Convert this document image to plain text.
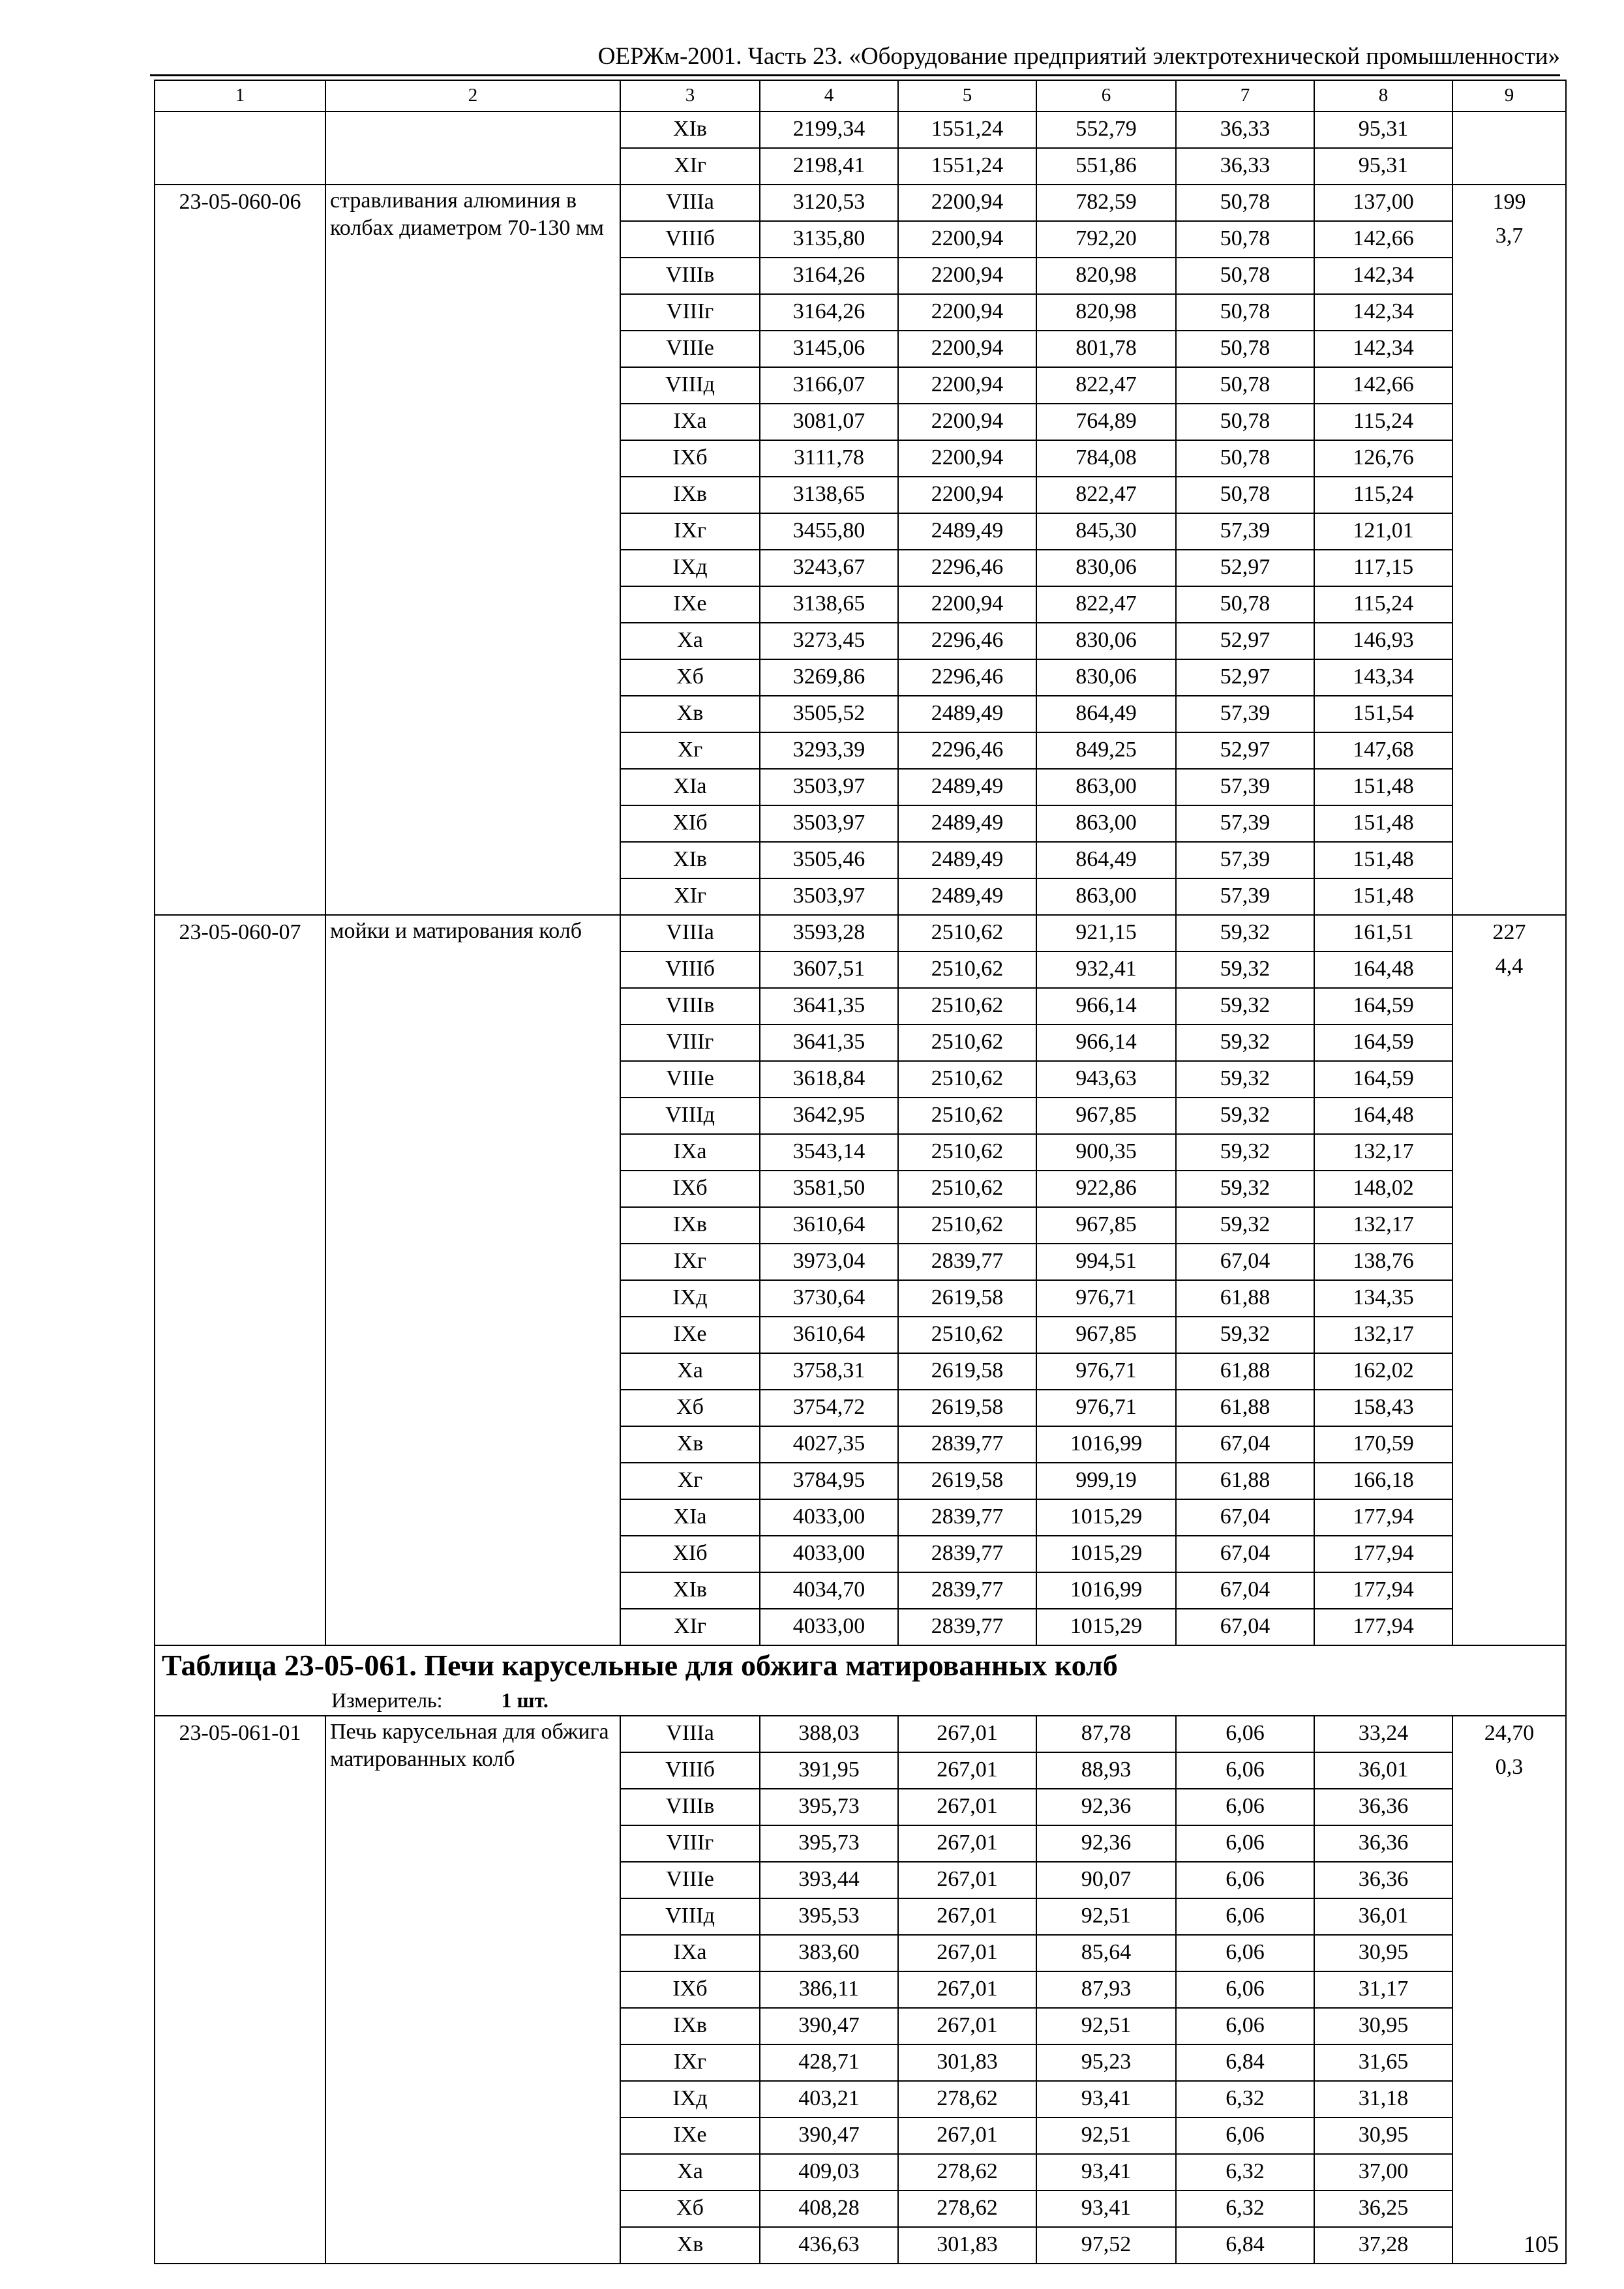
ОЕРЖм-2001. Часть 23. «Оборудование предприятий электротехнической промышленности»
1	2	3	4	5	6	7	8	9
		XIв	2199,34	1551,24	552,79	36,33	95,31	
		XIг	2198,41	1551,24	551,86	36,33	95,31	
23-05-060-06	стравливания алюминия в колбах диаметром 70-130 мм	VIIIа	3120,53	2200,94	782,59	50,78	137,00	199
3,7

		VIIIб	3135,80	2200,94	792,20	50,78	142,66	
		VIIIв	3164,26	2200,94	820,98	50,78	142,34	
		VIIIг	3164,26	2200,94	820,98	50,78	142,34	
		VIIIе	3145,06	2200,94	801,78	50,78	142,34	
		VIIIд	3166,07	2200,94	822,47	50,78	142,66	
		IXа	3081,07	2200,94	764,89	50,78	115,24	
		IXб	3111,78	2200,94	784,08	50,78	126,76	
		IXв	3138,65	2200,94	822,47	50,78	115,24	
		IXг	3455,80	2489,49	845,30	57,39	121,01	
		IXд	3243,67	2296,46	830,06	52,97	117,15	
		IXе	3138,65	2200,94	822,47	50,78	115,24	
		Xа	3273,45	2296,46	830,06	52,97	146,93	
		Xб	3269,86	2296,46	830,06	52,97	143,34	
		Xв	3505,52	2489,49	864,49	57,39	151,54	
		Xг	3293,39	2296,46	849,25	52,97	147,68	
		XIа	3503,97	2489,49	863,00	57,39	151,48	
		XIб	3503,97	2489,49	863,00	57,39	151,48	
		XIв	3505,46	2489,49	864,49	57,39	151,48	
		XIг	3503,97	2489,49	863,00	57,39	151,48	
23-05-060-07	мойки и матирования колб	VIIIа	3593,28	2510,62	921,15	59,32	161,51	227
4,4

		VIIIб	3607,51	2510,62	932,41	59,32	164,48	
		VIIIв	3641,35	2510,62	966,14	59,32	164,59	
		VIIIг	3641,35	2510,62	966,14	59,32	164,59	
		VIIIе	3618,84	2510,62	943,63	59,32	164,59	
		VIIIд	3642,95	2510,62	967,85	59,32	164,48	
		IXа	3543,14	2510,62	900,35	59,32	132,17	
		IXб	3581,50	2510,62	922,86	59,32	148,02	
		IXв	3610,64	2510,62	967,85	59,32	132,17	
		IXг	3973,04	2839,77	994,51	67,04	138,76	
		IXд	3730,64	2619,58	976,71	61,88	134,35	
		IXе	3610,64	2510,62	967,85	59,32	132,17	
		Xа	3758,31	2619,58	976,71	61,88	162,02	
		Xб	3754,72	2619,58	976,71	61,88	158,43	
		Xв	4027,35	2839,77	1016,99	67,04	170,59	
		Xг	3784,95	2619,58	999,19	61,88	166,18	
		XIа	4033,00	2839,77	1015,29	67,04	177,94	
		XIб	4033,00	2839,77	1015,29	67,04	177,94	
		XIв	4034,70	2839,77	1016,99	67,04	177,94	
		XIг	4033,00	2839,77	1015,29	67,04	177,94	
Таблица 23-05-061. Печи карусельные для обжига матированных колб								
Измеритель: 1 шт.								
23-05-061-01	Печь карусельная для обжига матированных колб	VIIIа	388,03	267,01	87,78	6,06	33,24	24,70
0,3

		VIIIб	391,95	267,01	88,93	6,06	36,01	
		VIIIв	395,73	267,01	92,36	6,06	36,36	
		VIIIг	395,73	267,01	92,36	6,06	36,36	
		VIIIе	393,44	267,01	90,07	6,06	36,36	
		VIIIд	395,53	267,01	92,51	6,06	36,01	
		IXа	383,60	267,01	85,64	6,06	30,95	
		IXб	386,11	267,01	87,93	6,06	31,17	
		IXв	390,47	267,01	92,51	6,06	30,95	
		IXг	428,71	301,83	95,23	6,84	31,65	
		IXд	403,21	278,62	93,41	6,32	31,18	
		IXе	390,47	267,01	92,51	6,06	30,95	
		Xа	409,03	278,62	93,41	6,32	37,00	
		Xб	408,28	278,62	93,41	6,32	36,25	
		Xв	436,63	301,83	97,52	6,84	37,28		105
